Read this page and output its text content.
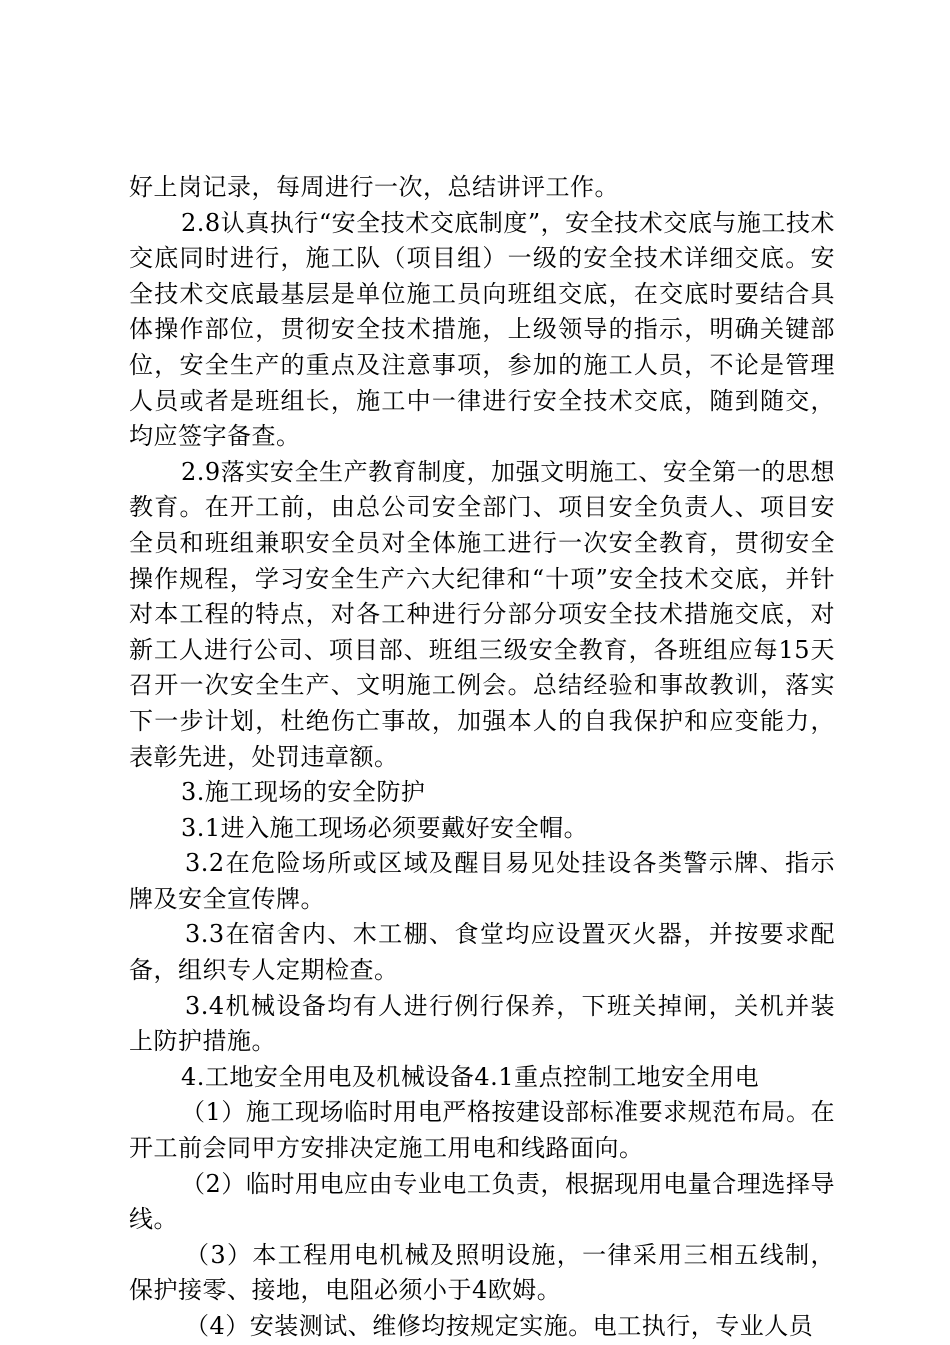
好上岗记录，每周进行一次，总结讲评工作。

2.8认真执行“安全技术交底制度”，安全技术交底与施工技术交底同时进行，施工队（项目组）一级的安全技术详细交底。安全技术交底最基层是单位施工员向班组交底，在交底时要结合具体操作部位，贯彻安全技术措施，上级领导的指示，明确关键部位，安全生产的重点及注意事项，参加的施工人员，不论是管理人员或者是班组长，施工中一律进行安全技术交底，随到随交，均应签字备查。

2.9落实安全生产教育制度，加强文明施工、安全第一的思想教育。在开工前，由总公司安全部门、项目安全负责人、项目安全员和班组兼职安全员对全体施工进行一次安全教育，贯彻安全操作规程，学习安全生产六大纪律和“十项”安全技术交底，并针对本工程的特点，对各工种进行分部分项安全技术措施交底，对新工人进行公司、项目部、班组三级安全教育，各班组应每15天召开一次安全生产、文明施工例会。总结经验和事故教训，落实下一步计划，杜绝伤亡事故，加强本人的自我保护和应变能力，表彰先进，处罚违章额。

3.施工现场的安全防护

3.1进入施工现场必须要戴好安全帽。

3.2在危险场所或区域及醒目易见处挂设各类警示牌、指示牌及安全宣传牌。

3.3在宿舍内、木工棚、食堂均应设置灭火器，并按要求配备，组织专人定期检查。

3.4机械设备均有人进行例行保养，下班关掉闸，关机并装上防护措施。

4.工地安全用电及机械设备4.1重点控制工地安全用电

（1）施工现场临时用电严格按建设部标准要求规范布局。在开工前会同甲方安排决定施工用电和线路面向。

（2）临时用电应由专业电工负责，根据现用电量合理选择导线。

（3）本工程用电机械及照明设施，一律采用三相五线制，保护接零、接地，电阻必须小于4欧姆。

（4）安装测试、维修均按规定实施。电工执行，专业人员
